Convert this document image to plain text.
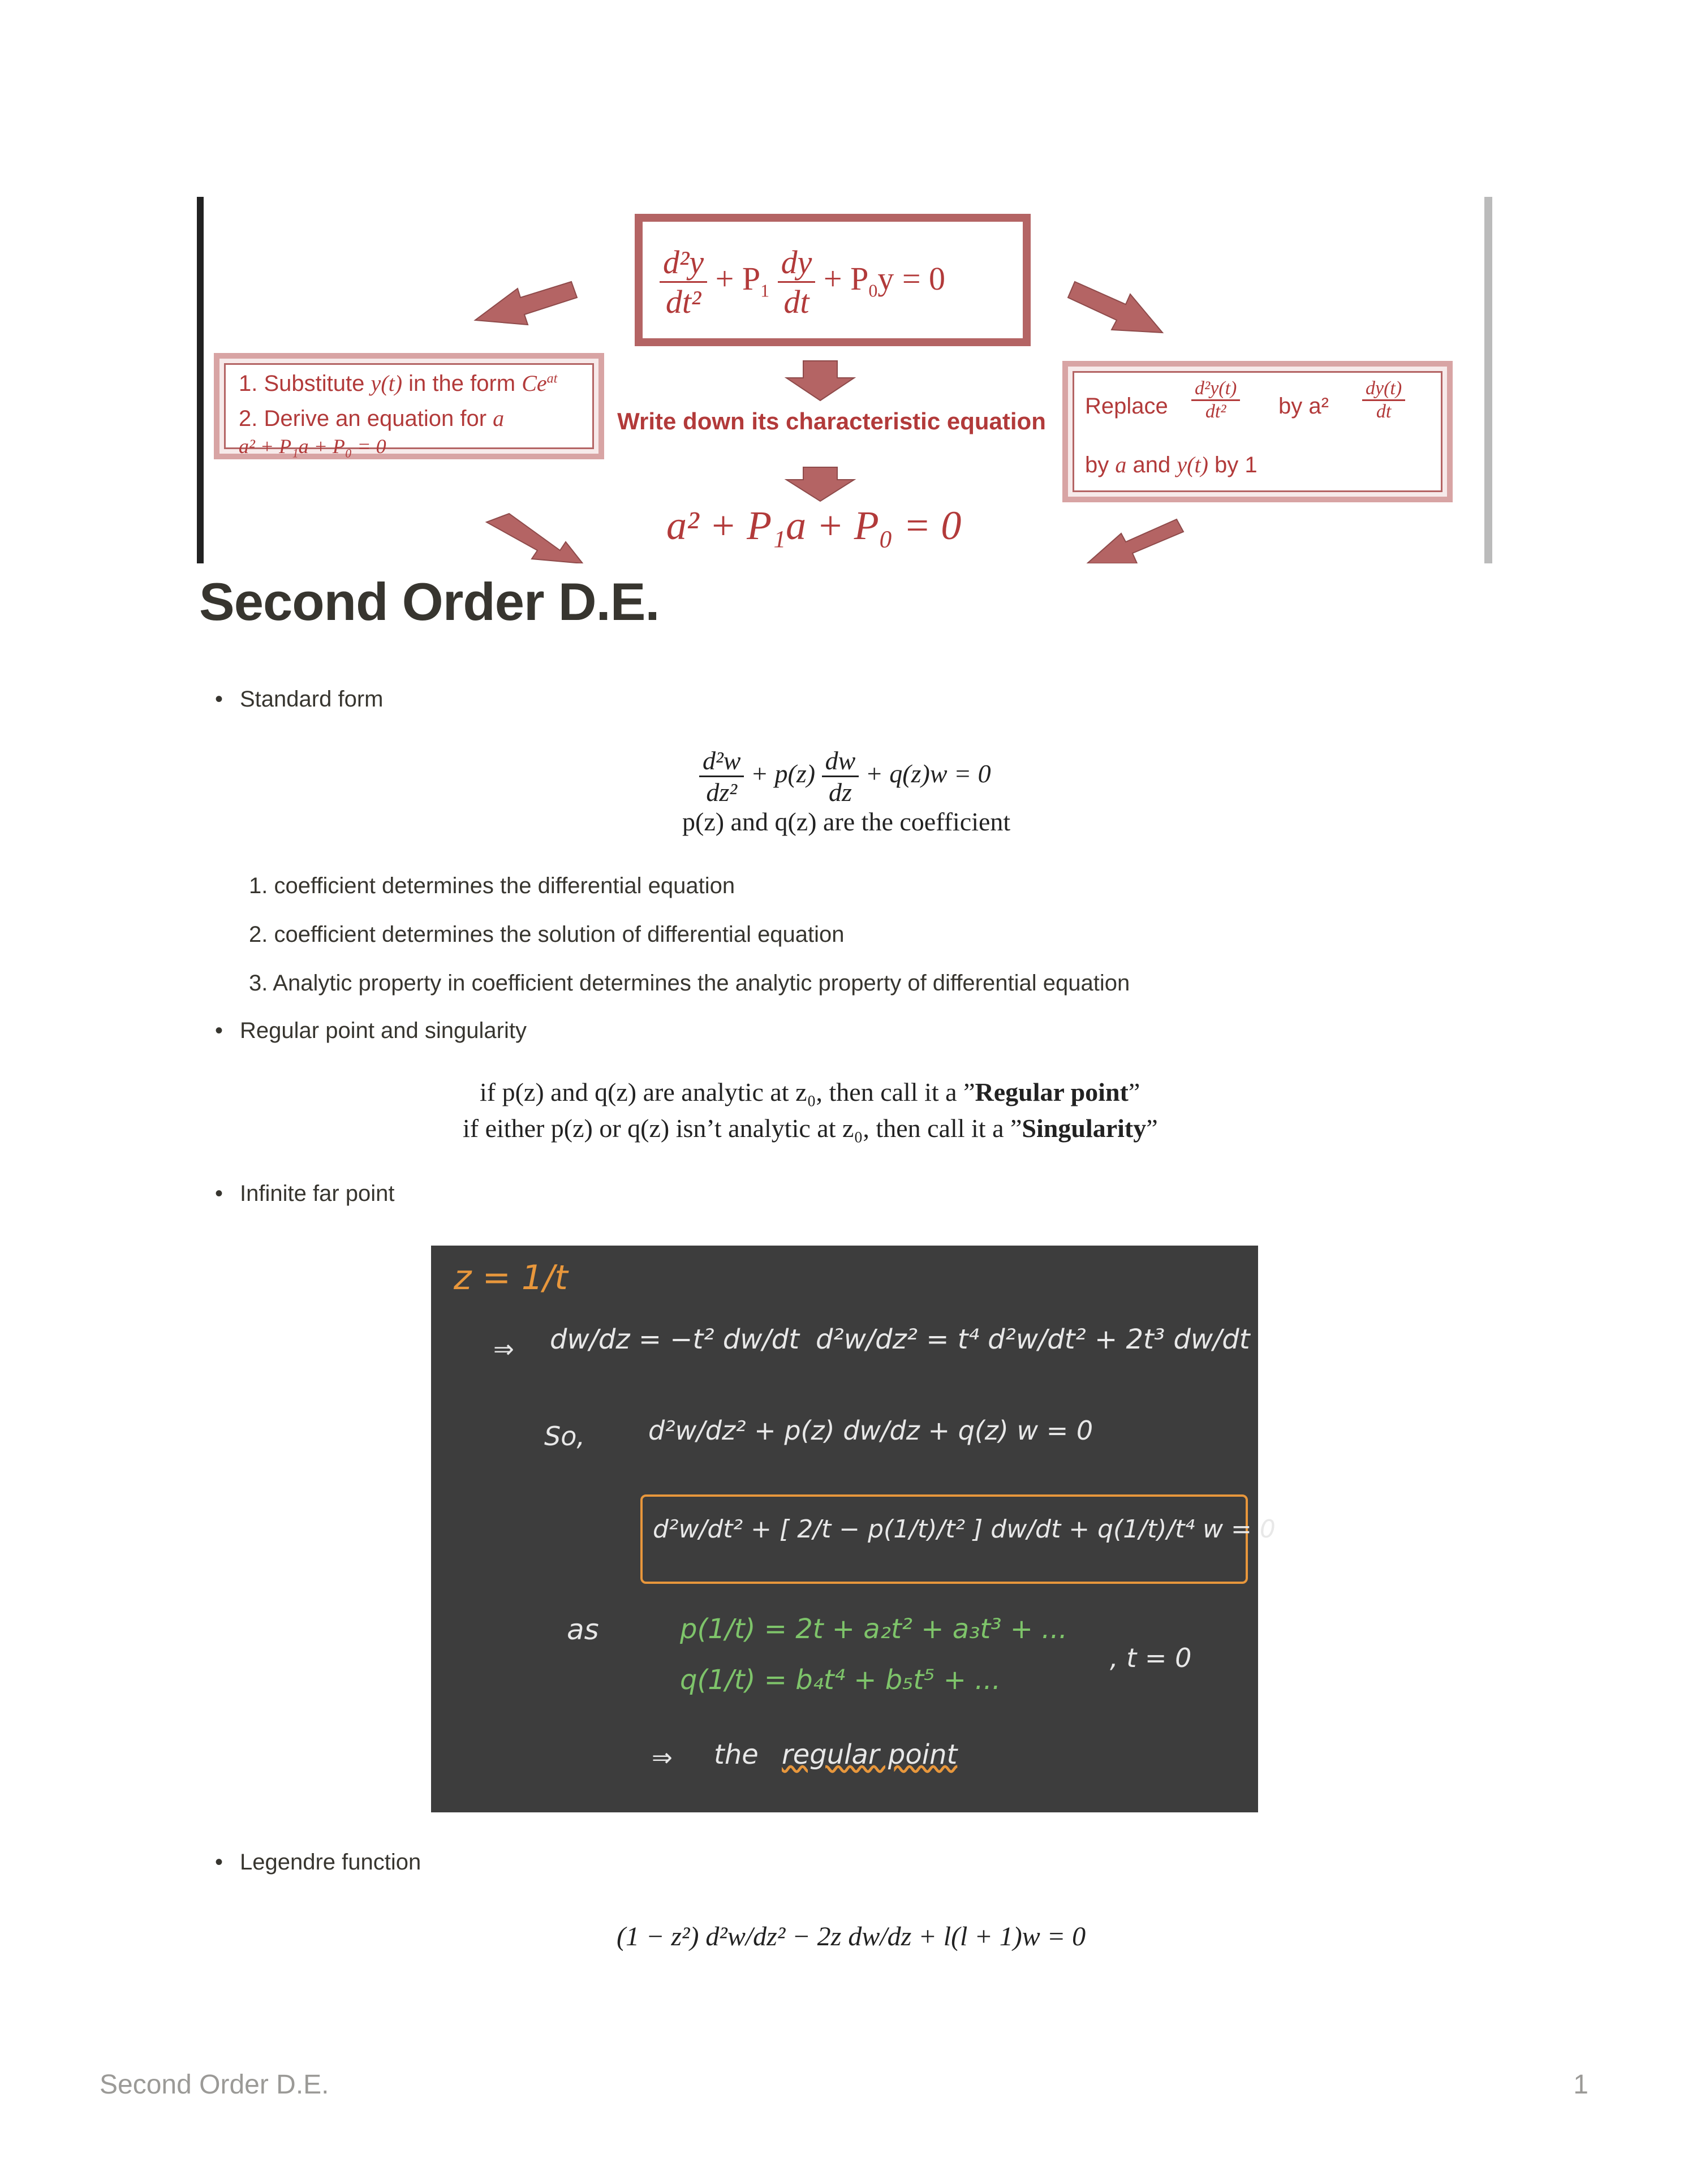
$\frac{\text{d²y}}{\text{dt²}} + P_1 \frac{dy}{dt} + P_0y = 0$
1. Substitute y(t) in the form $Ce^{at}$
2. Derive an equation for a
a² + P₁a + P₀ = 0
Write down its characteristic equation
a² + P₁a + P₀ = 0
Replace $\frac{\text{d²y(t)}}{\text{dt²}}$ by $a^2 \frac{dy(t)}{dt}$
by a and y(t) by 1
Second Order D.E.
• Standard form
$\frac{\text{d²w}}{\text{dz²}} + p(z) \frac{dw}{dz} + q(z)w = 0$
p(z) and q(z) are the coefficient
1. coefficient determines the differential equation
2. coefficient determines the solution of differential equation
3. Analytic property in coefficient determines the analytic property of differential equation
• Regular point and singularity
if p(z) and q(z) are analytic at z₀, then call it a ”Regular point”
if either p(z) or q(z) isn’t analytic at z₀, then call it a ”Singularity”
• Infinite far point
z = 1/t
⇒ dw/dz = −t² dw/dt d²w/dz² = t⁴ d²w/dt² + 2t³ dw/dt
So, d²w/dz² + p(z) dw/dz + q(z) w = 0
d²w/dt² + [ 2/t − p(1/t)/t² ] dw/dt + q(1/t)/t⁴ w = 0
as	p(1/t) = 2t + a₂t² + a₃t³ + ...
q(1/t) = b₄t⁴ + b₅t⁵ + ...
, t = 0
⇒ the regular point
• Legendre function
(1 − z²) d²w/dz² − 2z dw/dz + l(l + 1)w = 0
Second Order D.E.	1
